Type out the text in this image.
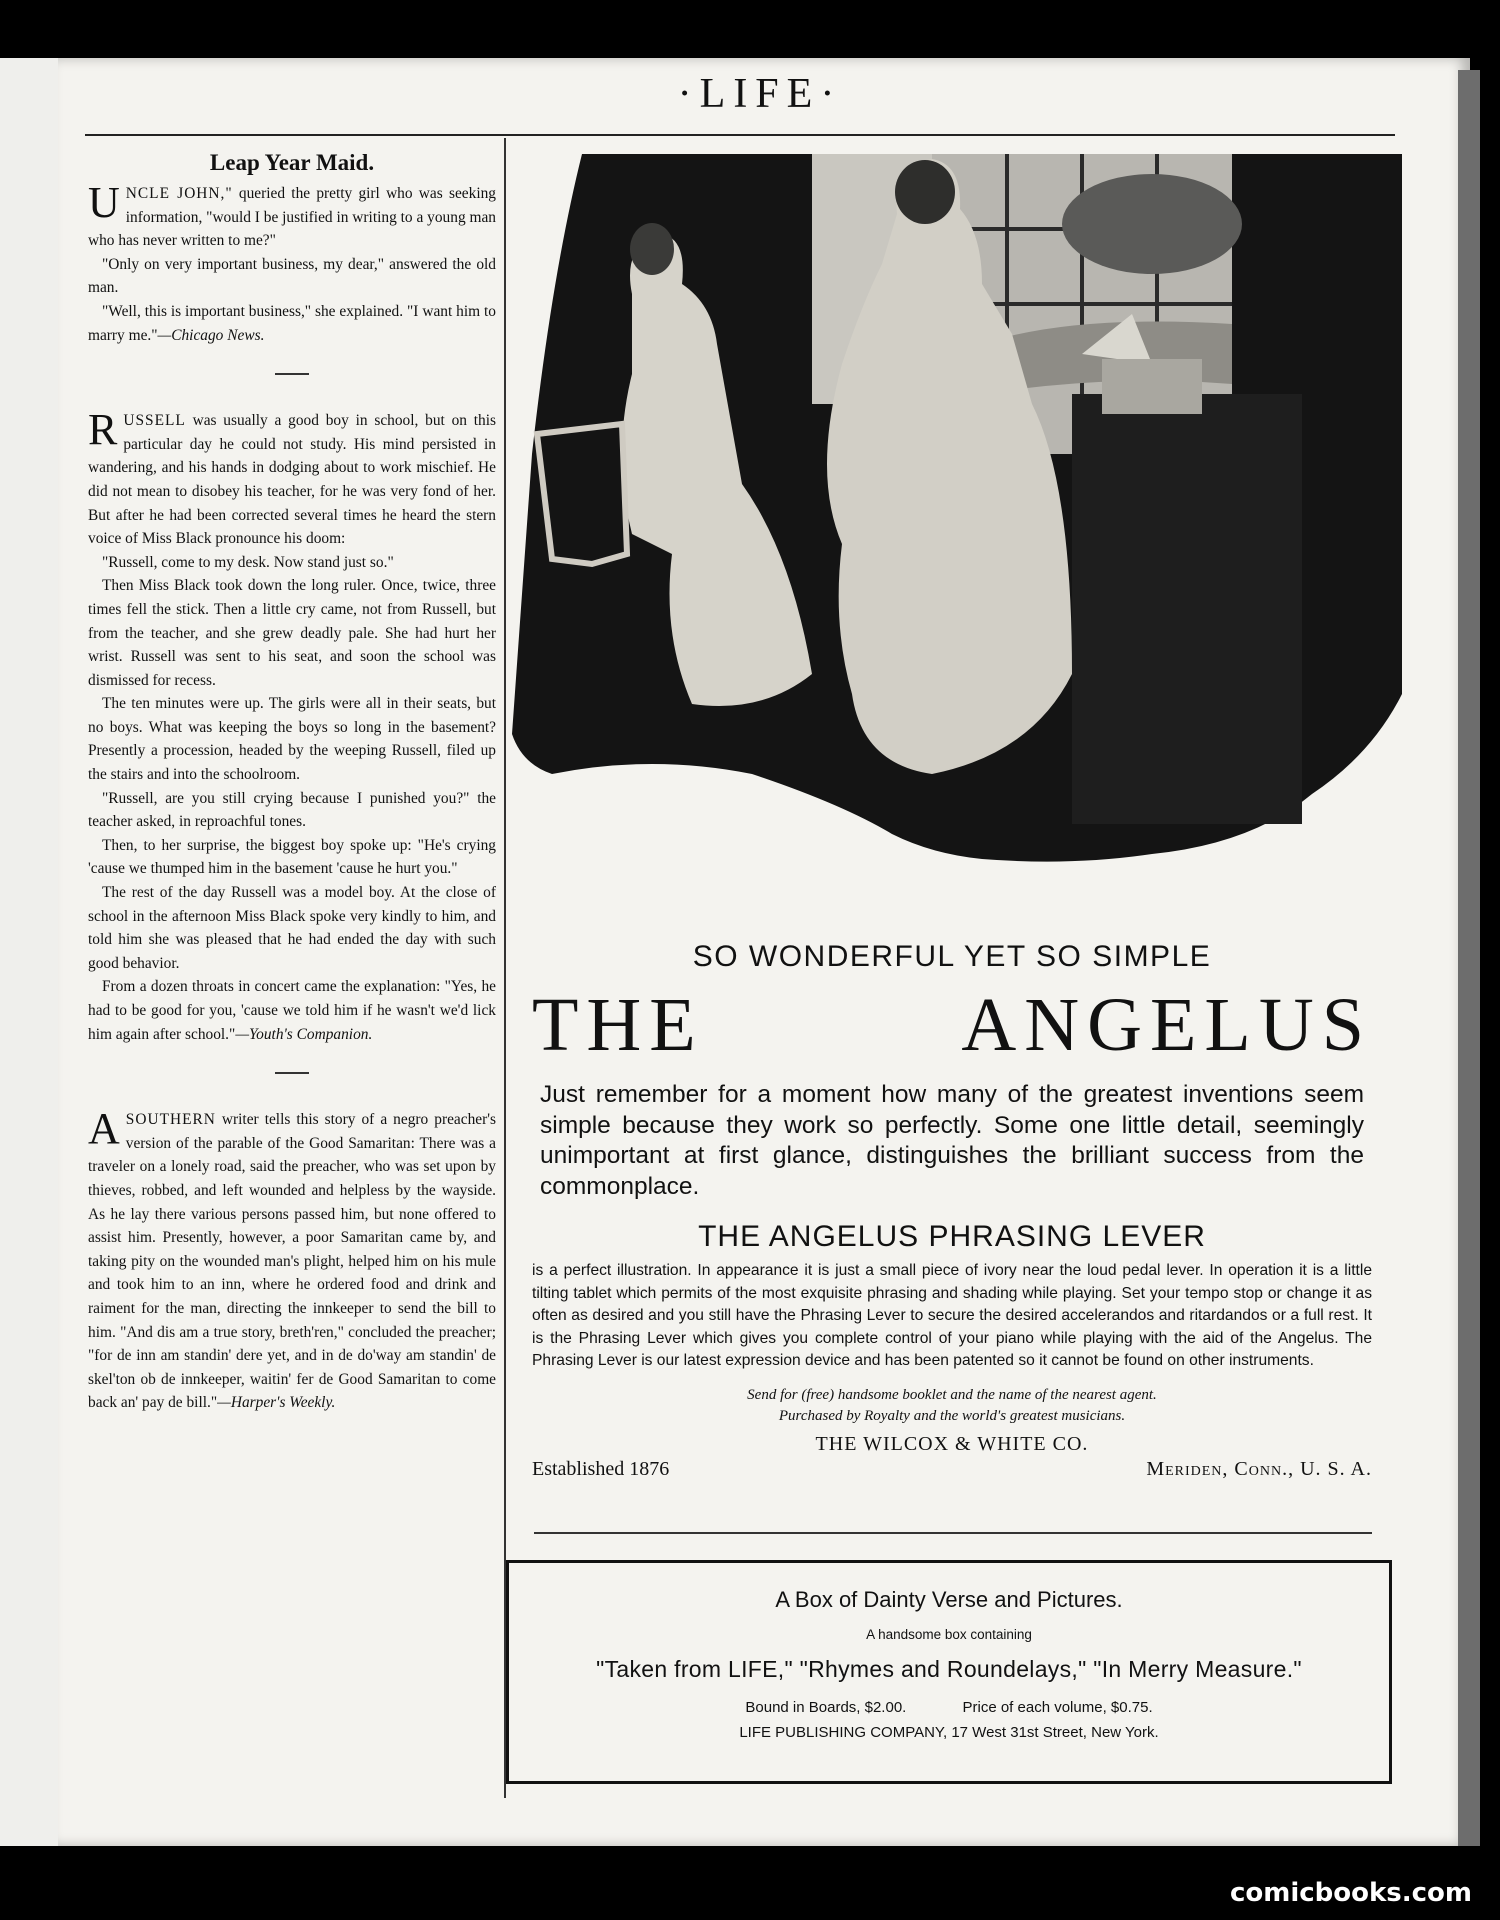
·LIFE·
Leap Year Maid.

UNCLE JOHN," queried the pretty girl who was seeking information, "would I be justified in writing to a young man who has never written to me?"

"Only on very important business, my dear," answered the old man.

"Well, this is important business," she explained. "I want him to marry me."—Chicago News.

RUSSELL was usually a good boy in school, but on this particular day he could not study. His mind persisted in wandering, and his hands in dodging about to work mischief. He did not mean to disobey his teacher, for he was very fond of her. But after he had been corrected several times he heard the stern voice of Miss Black pronounce his doom:

"Russell, come to my desk. Now stand just so."

Then Miss Black took down the long ruler. Once, twice, three times fell the stick. Then a little cry came, not from Russell, but from the teacher, and she grew deadly pale. She had hurt her wrist. Russell was sent to his seat, and soon the school was dismissed for recess.

The ten minutes were up. The girls were all in their seats, but no boys. What was keeping the boys so long in the basement? Presently a procession, headed by the weeping Russell, filed up the stairs and into the schoolroom.

"Russell, are you still crying because I punished you?" the teacher asked, in reproachful tones.

Then, to her surprise, the biggest boy spoke up: "He's crying 'cause we thumped him in the basement 'cause he hurt you."

The rest of the day Russell was a model boy. At the close of school in the afternoon Miss Black spoke very kindly to him, and told him she was pleased that he had ended the day with such good behavior.

From a dozen throats in concert came the explanation: "Yes, he had to be good for you, 'cause we told him if he wasn't we'd lick him again after school."—Youth's Companion.

ASOUTHERN writer tells this story of a negro preacher's version of the parable of the Good Samaritan: There was a traveler on a lonely road, said the preacher, who was set upon by thieves, robbed, and left wounded and helpless by the wayside. As he lay there various persons passed him, but none offered to assist him. Presently, however, a poor Samaritan came by, and taking pity on the wounded man's plight, helped him on his mule and took him to an inn, where he ordered food and drink and raiment for the man, directing the innkeeper to send the bill to him. "And dis am a true story, breth'ren," concluded the preacher; "for de inn am standin' dere yet, and in de do'way am standin' de skel'ton ob de innkeeper, waitin' fer de Good Samaritan to come back an' pay de bill."—Harper's Weekly.

SO WONDERFUL YET SO SIMPLE

THE ANGELUS

Just remember for a moment how many of the greatest inventions seem simple because they work so perfectly. Some one little detail, seemingly unimportant at first glance, distinguishes the brilliant success from the commonplace.

THE ANGELUS PHRASING LEVER

is a perfect illustration. In appearance it is just a small piece of ivory near the loud pedal lever. In operation it is a little tilting tablet which permits of the most exquisite phrasing and shading while playing. Set your tempo stop or change it as often as desired and you still have the Phrasing Lever to secure the desired accelerandos and ritardandos or a full rest. It is the Phrasing Lever which gives you complete control of your piano while playing with the aid of the Angelus. The Phrasing Lever is our latest expression device and has been patented so it cannot be found on other instruments.

Send for (free) handsome booklet and the name of the nearest agent.
Purchased by Royalty and the world's greatest musicians.
THE WILCOX & WHITE CO.
Established 1876	Meriden, Conn., U. S. A.
A Box of Dainty Verse and Pictures.
A handsome box containing
"Taken from LIFE," "Rhymes and Roundelays," "In Merry Measure."
Bound in Boards, $2.00.	Price of each volume, $0.75.
LIFE PUBLISHING COMPANY, 17 West 31st Street, New York.
comicbooks.com
